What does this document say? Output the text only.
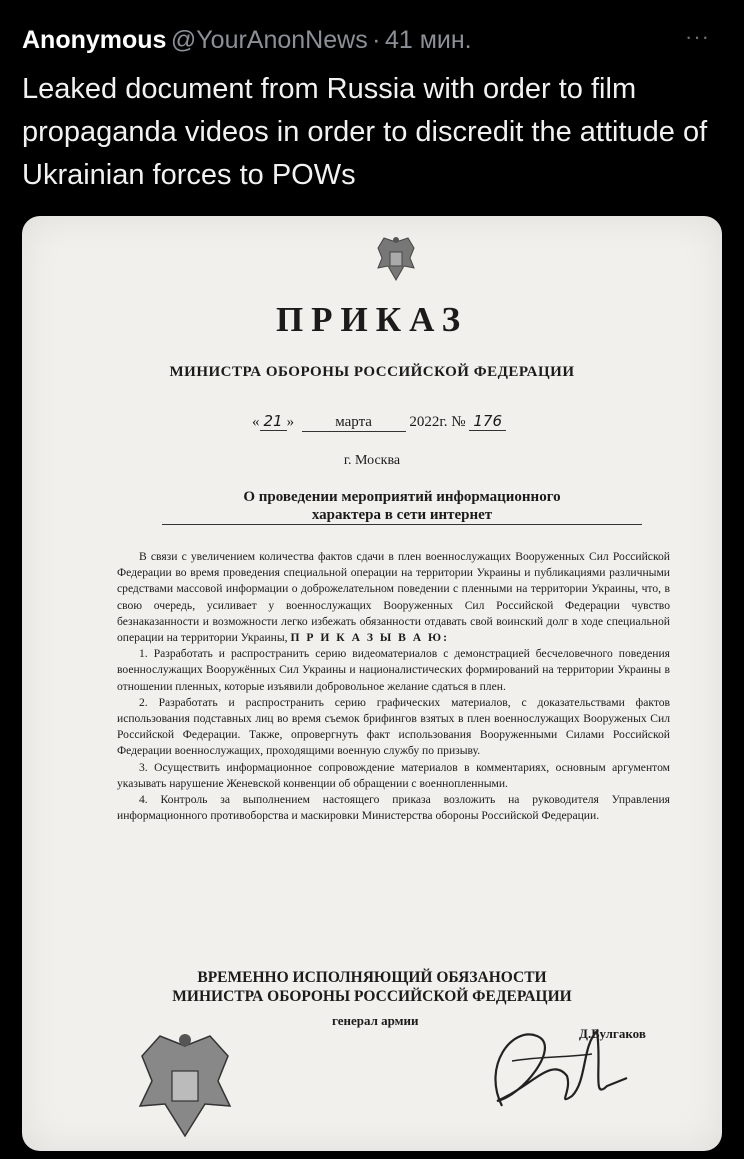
Anonymous @YourAnonNews · 41 мин.	···
Leaked document from Russia with order to film propaganda videos in order to discredit the attitude of Ukrainian forces to POWs
ПРИКАЗ
МИНИСТРА ОБОРОНЫ РОССИЙСКОЙ ФЕДЕРАЦИИ
« 21 »  марта 2022г. № 176
г. Москва
О проведении мероприятий информационного

характера в сети интернет

В связи с увеличением количества фактов сдачи в плен военнослужащих Вооруженных Сил Российской Федерации во время проведения специальной операции на территории Украины и публикациями различными средствами массовой информации о доброжелательном поведении с пленными на территории Украины, что, в свою очередь, усиливает у военнослужащих Вооруженных Сил Российской Федерации чувство безнаказанности и возможности легко избежать обязанности отдавать свой воинский долг в ходе специальной операции на территории Украины, П Р И К А З Ы В А Ю:

1. Разработать и распространить серию видеоматериалов с демонстрацией бесчеловечного поведения военнослужащих Вооружённых Сил Украины и националистических формирований на территории Украины в отношении пленных, которые изъявили добровольное желание сдаться в плен.

2. Разработать и распространить серию графических материалов, с доказательствами фактов использования подставных лиц во время съемок брифингов взятых в плен военнослужащих Вооруженых Сил Российской Федерации. Также, опровергнуть факт использования Вооруженными Силами Российской Федерации военнослужащих, проходящими военную службу по призыву.

3. Осуществить информационное сопровождение материалов в комментариях, основным аргументом указывать нарушение Женевской конвенции об обращении с военнопленными.

4. Контроль за выполнением настоящего приказа возложить на руководителя Управления информационного противоборства и маскировки Министерства обороны Российской Федерации.

ВРЕМЕННО ИСПОЛНЯЮЩИЙ ОБЯЗАНОСТИ
МИНИСТРА ОБОРОНЫ РОССИЙСКОЙ ФЕДЕРАЦИИ
генерал армии
Д.Булгаков
